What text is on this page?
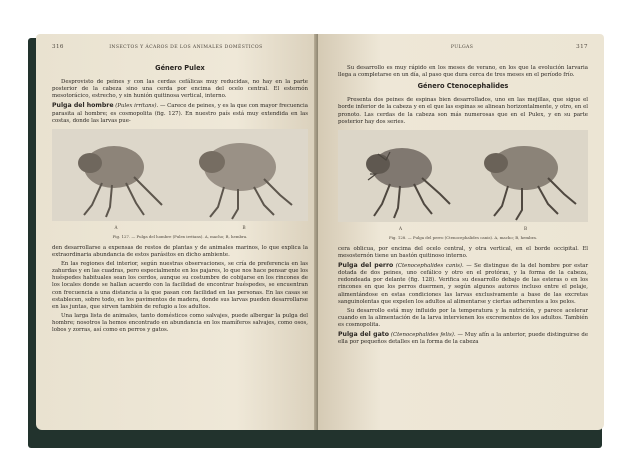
316	INSECTOS Y ÁCAROS DE LOS ANIMALES DOMÉSTICOS
Género Pulex

Desprovisto de peines y con las cerdas cefálicas muy reducidas, no hay en la parte posterior de la cabeza sino una cerda por encima del ocelo central. El esternón mesotorácico, estrecho, y sin hunión quitinosa vertical, interno.

Pulga del hombre (Pulex irritans). — Carece de peines, y es la que con mayor frecuencia parasita al hombre; es cosmopolita (fig. 127). En nuestro país está muy extendida en las costas, donde las larvas pue-

A	B
Fig. 127. — Pulga del hombre (Pulex irritans). A, macho; B, hembra.

den desarrollarse a expensas de restos de plantas y de animales marinos, lo que explica la extraordinaria abundancia de estos parásitos en dicho ambiente.

En las regiones del interior, según nuestras observaciones, se cría de preferencia en las zahurdas y en las cuadras, pero especialmente en los pajares, lo que nos hace pensar que los huéspedes habituales sean los cerdos, aunque su costumbre de cobijarse en los rincones de los locales donde se hallan acuerdo con la facilidad de encontrar huéspedes, se encuentran con frecuencia a una distancia a la que pasan con facilidad en las personas. En las casas se establecen, sobre todo, en los pavimentos de madera, donde sus larvas pueden desarrollarse en las juntas, que sirven también de refugio a los adultos.

Una larga lista de animales, tanto domésticos como salvajes, puede albergar la pulga del hombre; nosotros la hemos encontrado en abundancia en los mamíferos salvajes, como osos, lobos y zorras, así como en perros y gatos.

PULGAS	317

Su desarrollo es muy rápido en los meses de verano, en los que la evolución larvaria llega a completarse en un día, al paso que dura cerca de tres meses en el período frío.

Género Ctenocephalides

Presenta dos peines de espinas bien desarrollados, uno en las mejillas, que sigue el borde inferior de la cabeza y en el que las espinas se alinean horizontalmente, y otro, en el pronoto. Las cerdas de la cabeza son más numerosas que en el Pulex, y en su parte posterior hay dos series.

A	B
Fig. 128. — Pulga del perro (Ctenocephalides canis). A, macho; B, hembra.

cera oblicua, por encima del ocelo central, y otra vertical, en el borde occipital. El mesosternón tiene un bastón quitinoso interno.

Pulga del perro (Ctenocephalides canis). — Se distingue de la del hombre por estar dotada de dos peines, uno cefálico y otro en el protórax, y la forma de la cabeza, redondeada por delante (fig. 128). Verifica su desarrollo debajo de las esteras o en los rincones en que los perros duermen, y según algunos autores incluso entre el pelaje, alimentándose en estas condiciones las larvas exclusivamente a base de las excretas sanguinolentas que expelen los adultos al alimentarse y ciertas adherentes a los pelos.

Su desarrollo está muy influido por la temperatura y la nutrición, y parece acelerar cuando en la alimentación de la larva intervienen los excrementos de los adultos. También es cosmopolita.

Pulga del gato (Ctenocephalides felis). — Muy afín a la anterior, puede distinguirse de ella por pequeños detalles en la forma de la cabeza
